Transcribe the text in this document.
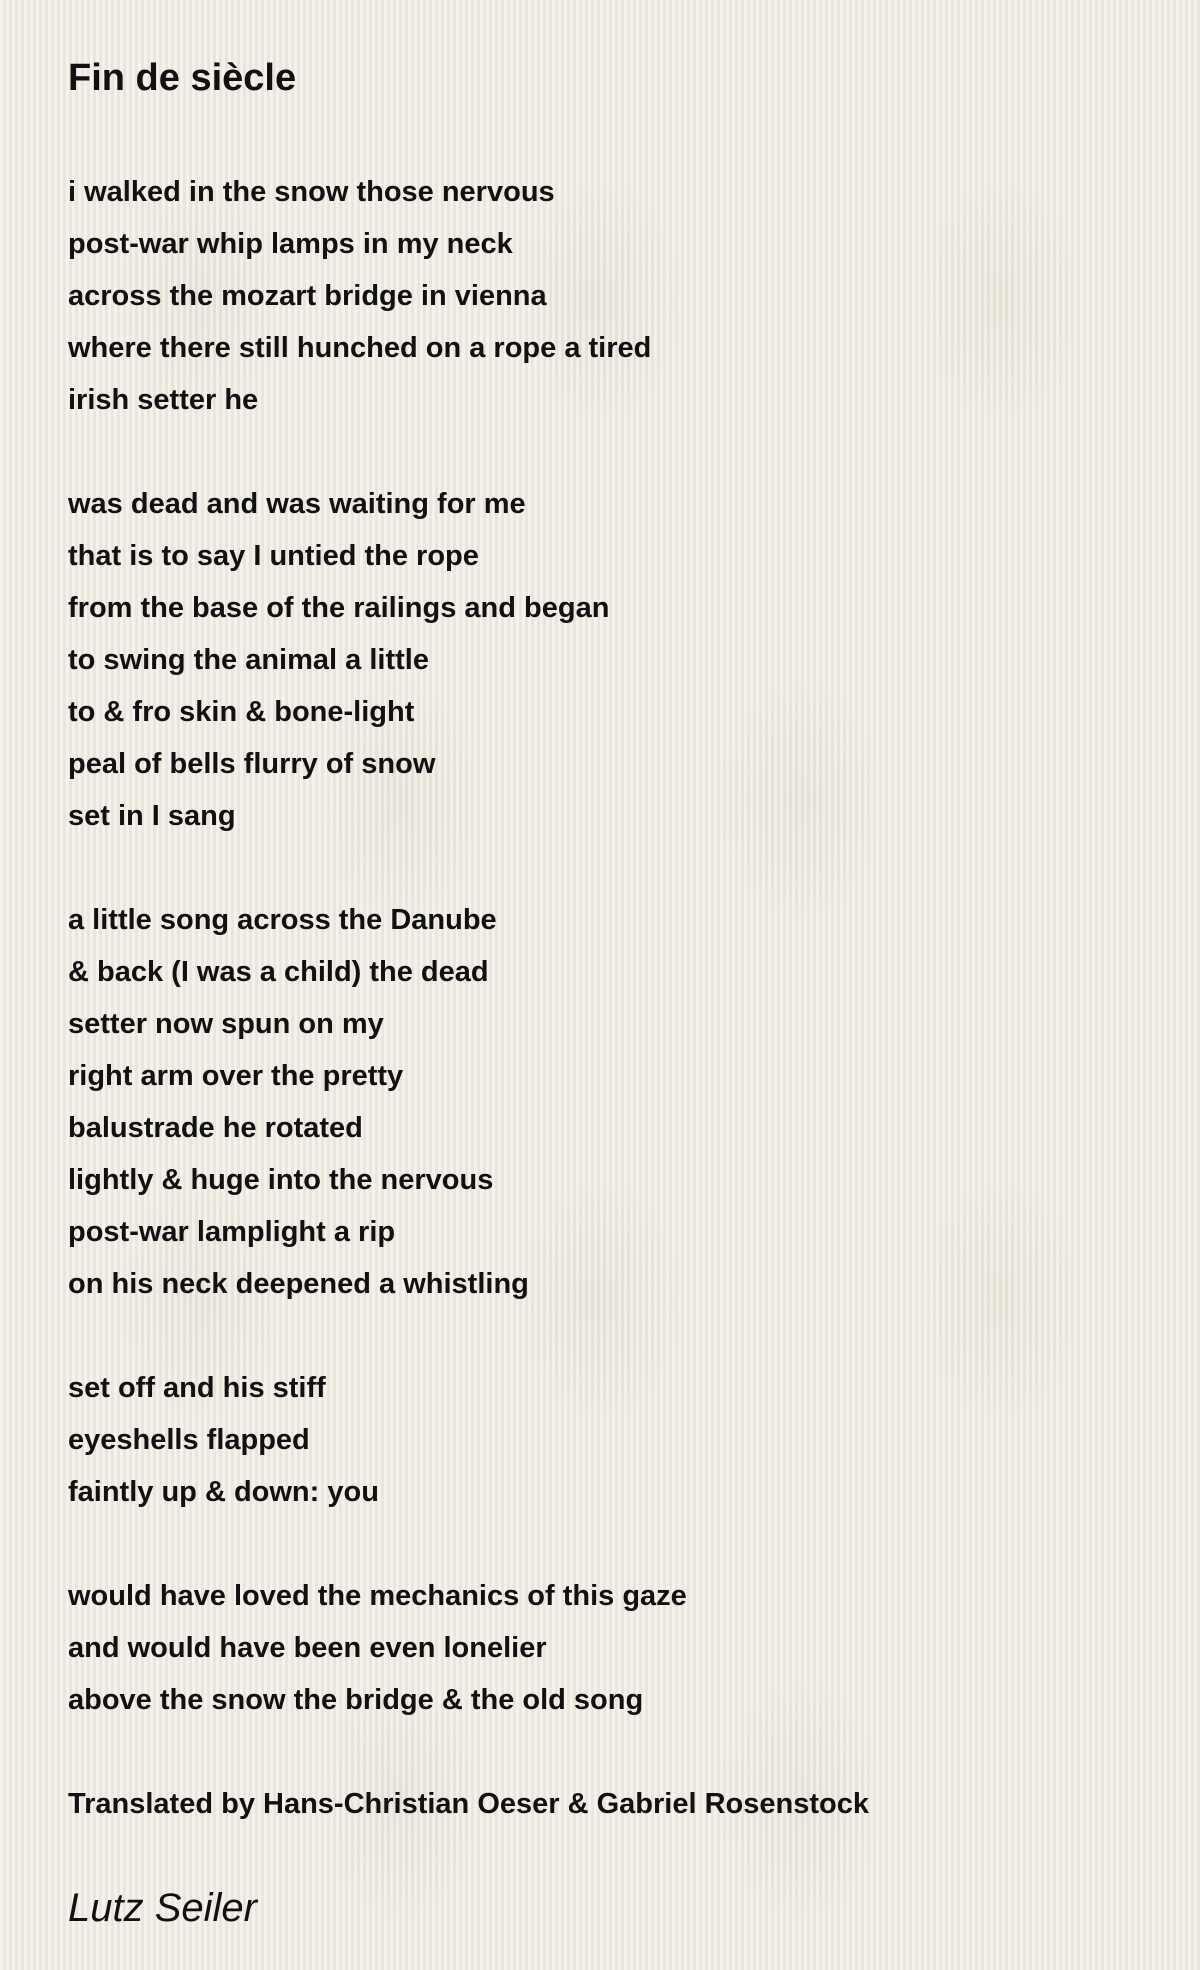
Fin de siècle
i walked in the snow those nervous
post-war whip lamps in my neck
across the mozart bridge in vienna
where there still hunched on a rope a tired
irish setter he
was dead and was waiting for me
that is to say I untied the rope
from the base of the railings and began
to swing the animal a little
to & fro skin & bone-light
peal of bells flurry of snow
set in I sang
a little song across the Danube
& back (I was a child) the dead
setter now spun on my
right arm over the pretty
balustrade he rotated
lightly & huge into the nervous
post-war lamplight a rip
on his neck deepened a whistling
set off and his stiff
eyeshells flapped
faintly up & down: you
would have loved the mechanics of this gaze
and would have been even lonelier
above the snow the bridge & the old song
Translated by Hans-Christian Oeser & Gabriel Rosenstock
Lutz Seiler
